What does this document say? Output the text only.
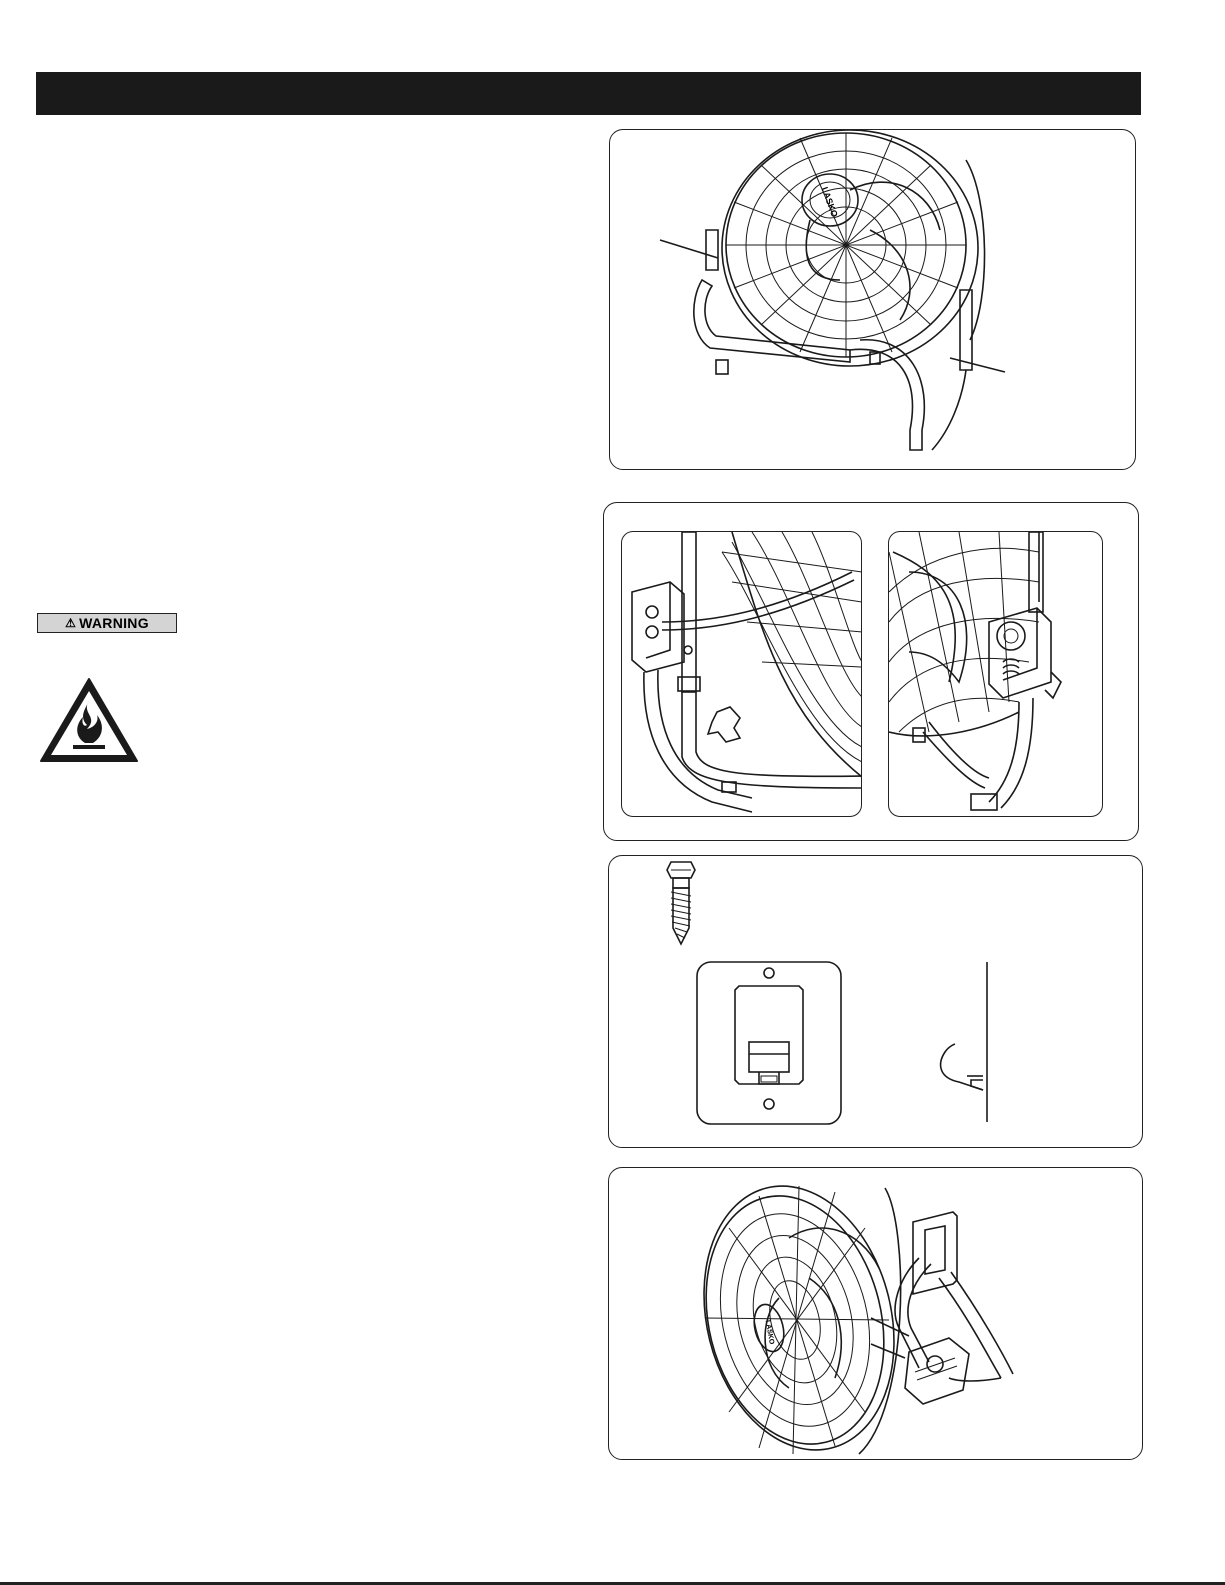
⚠ WARNING
LASKO
LASKO
